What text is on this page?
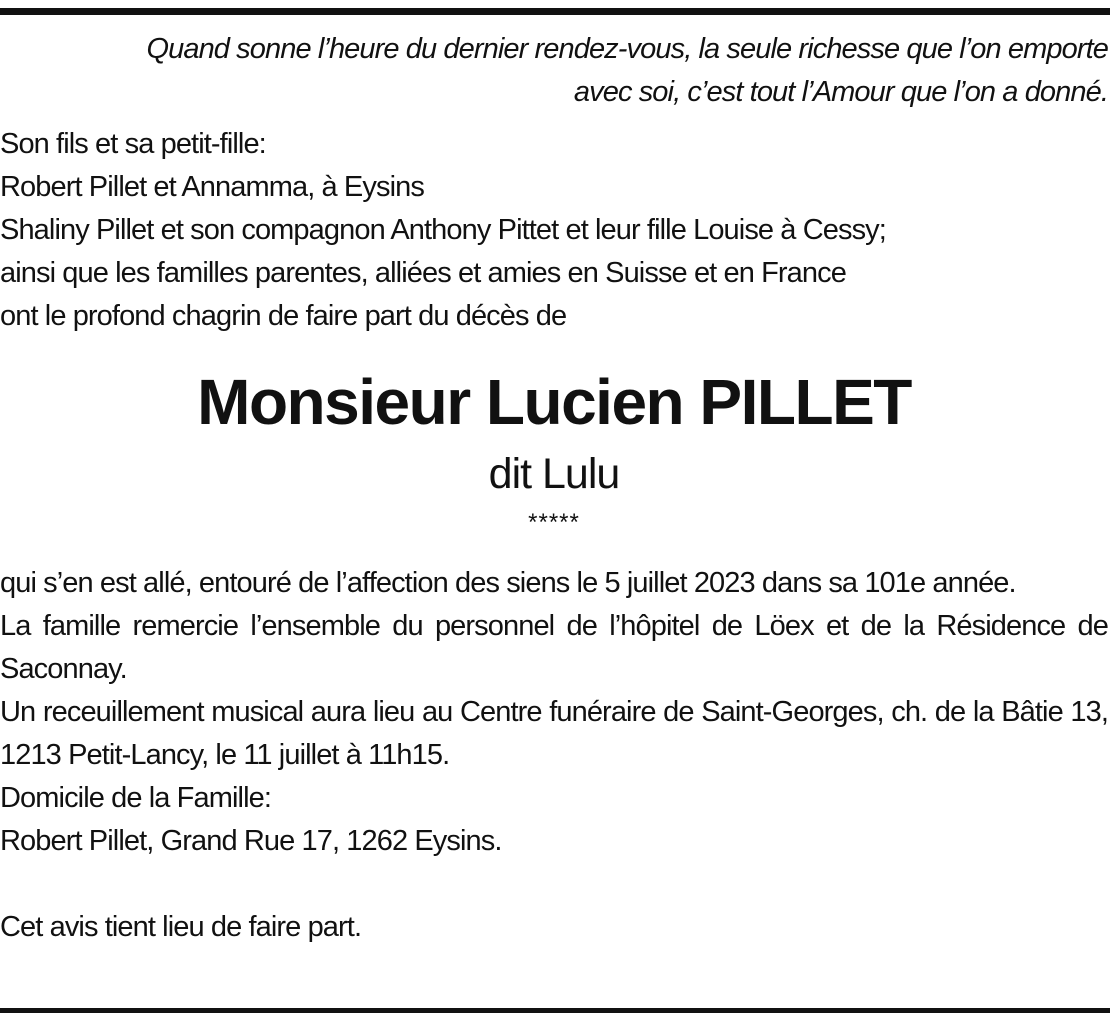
Quand sonne l’heure du dernier rendez-vous, la seule richesse que l’on emporte
avec soi, c’est tout l’Amour que l’on a donné.
Son fils et sa petit-fille:
Robert Pillet et Annamma, à Eysins
Shaliny Pillet et son compagnon Anthony Pittet et leur fille Louise à Cessy;
ainsi que les familles parentes, alliées et amies en Suisse et en France
ont le profond chagrin de faire part du décès de
Monsieur Lucien PILLET
dit Lulu
*****
qui s’en est allé, entouré de l’affection des siens le 5 juillet 2023 dans sa 101e année.
La famille remercie l’ensemble du personnel de l’hôpitel de Löex et de la Résidence de Saconnay.
Un receuillement musical aura lieu au Centre funéraire de Saint-Georges, ch. de la Bâtie 13, 1213 Petit-Lancy, le 11 juillet à 11h15.
Domicile de la Famille:
Robert Pillet, Grand Rue 17, 1262 Eysins.
Cet avis tient lieu de faire part.
